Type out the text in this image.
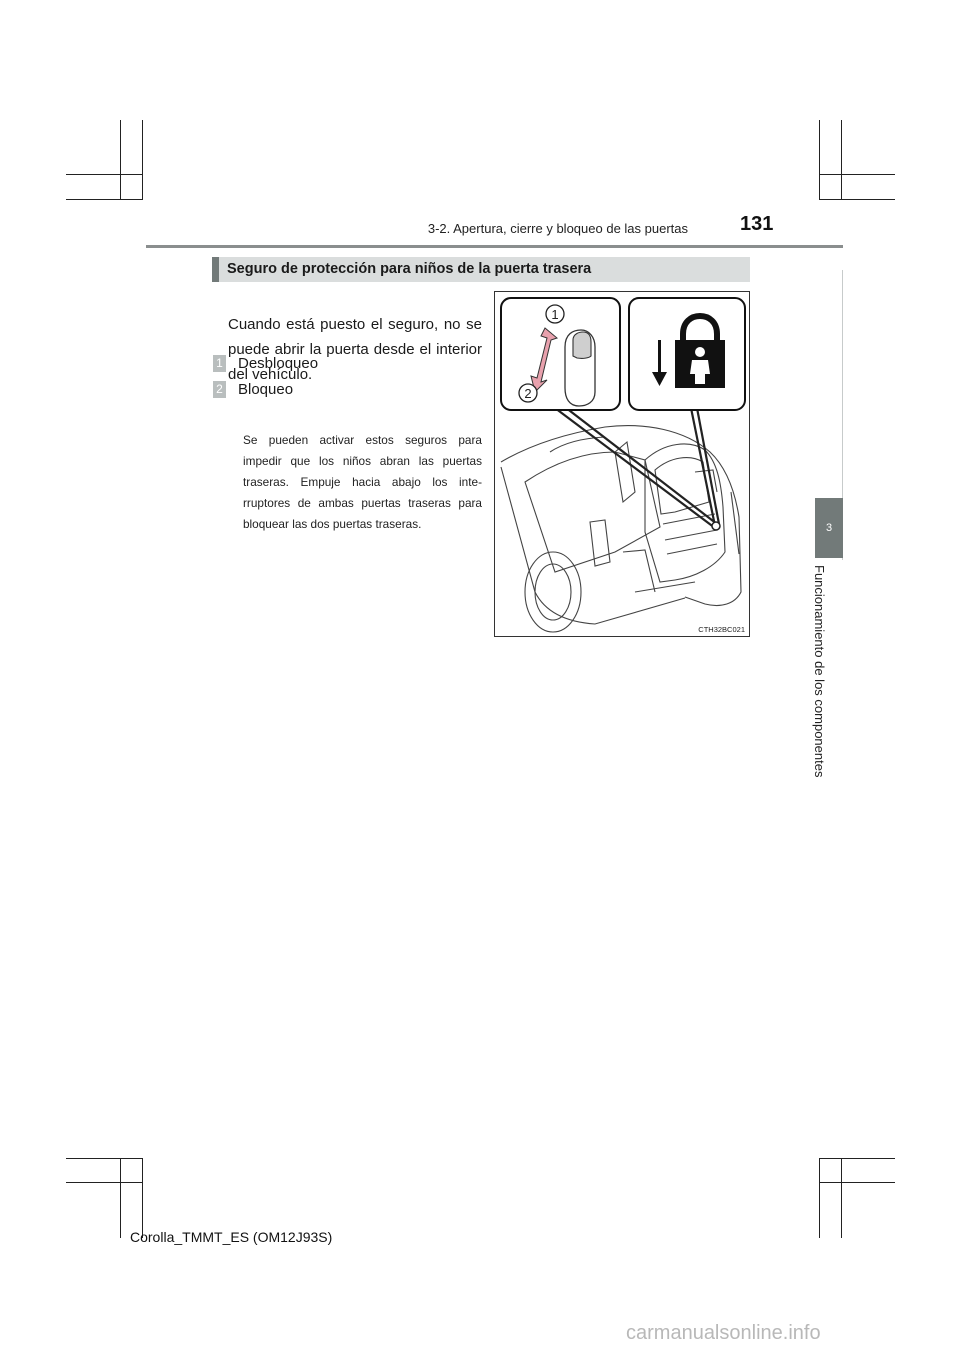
3-2. Apertura, cierre y bloqueo de las puertas	131
3
Funcionamiento de los componentes
Seguro de protección para niños de la puerta trasera
Cuando está puesto el seguro, no se puede abrir la puerta desde el interior del vehículo.
1 Desbloqueo
2 Bloqueo
Se pueden activar estos seguros para impedir que los niños abran las puertas traseras. Empuje hacia abajo los inte-rruptores de ambas puertas traseras para bloquear las dos puertas traseras.
1
2
CTH32BC021
Corolla_TMMT_ES (OM12J93S)
carmanualsonline.info
